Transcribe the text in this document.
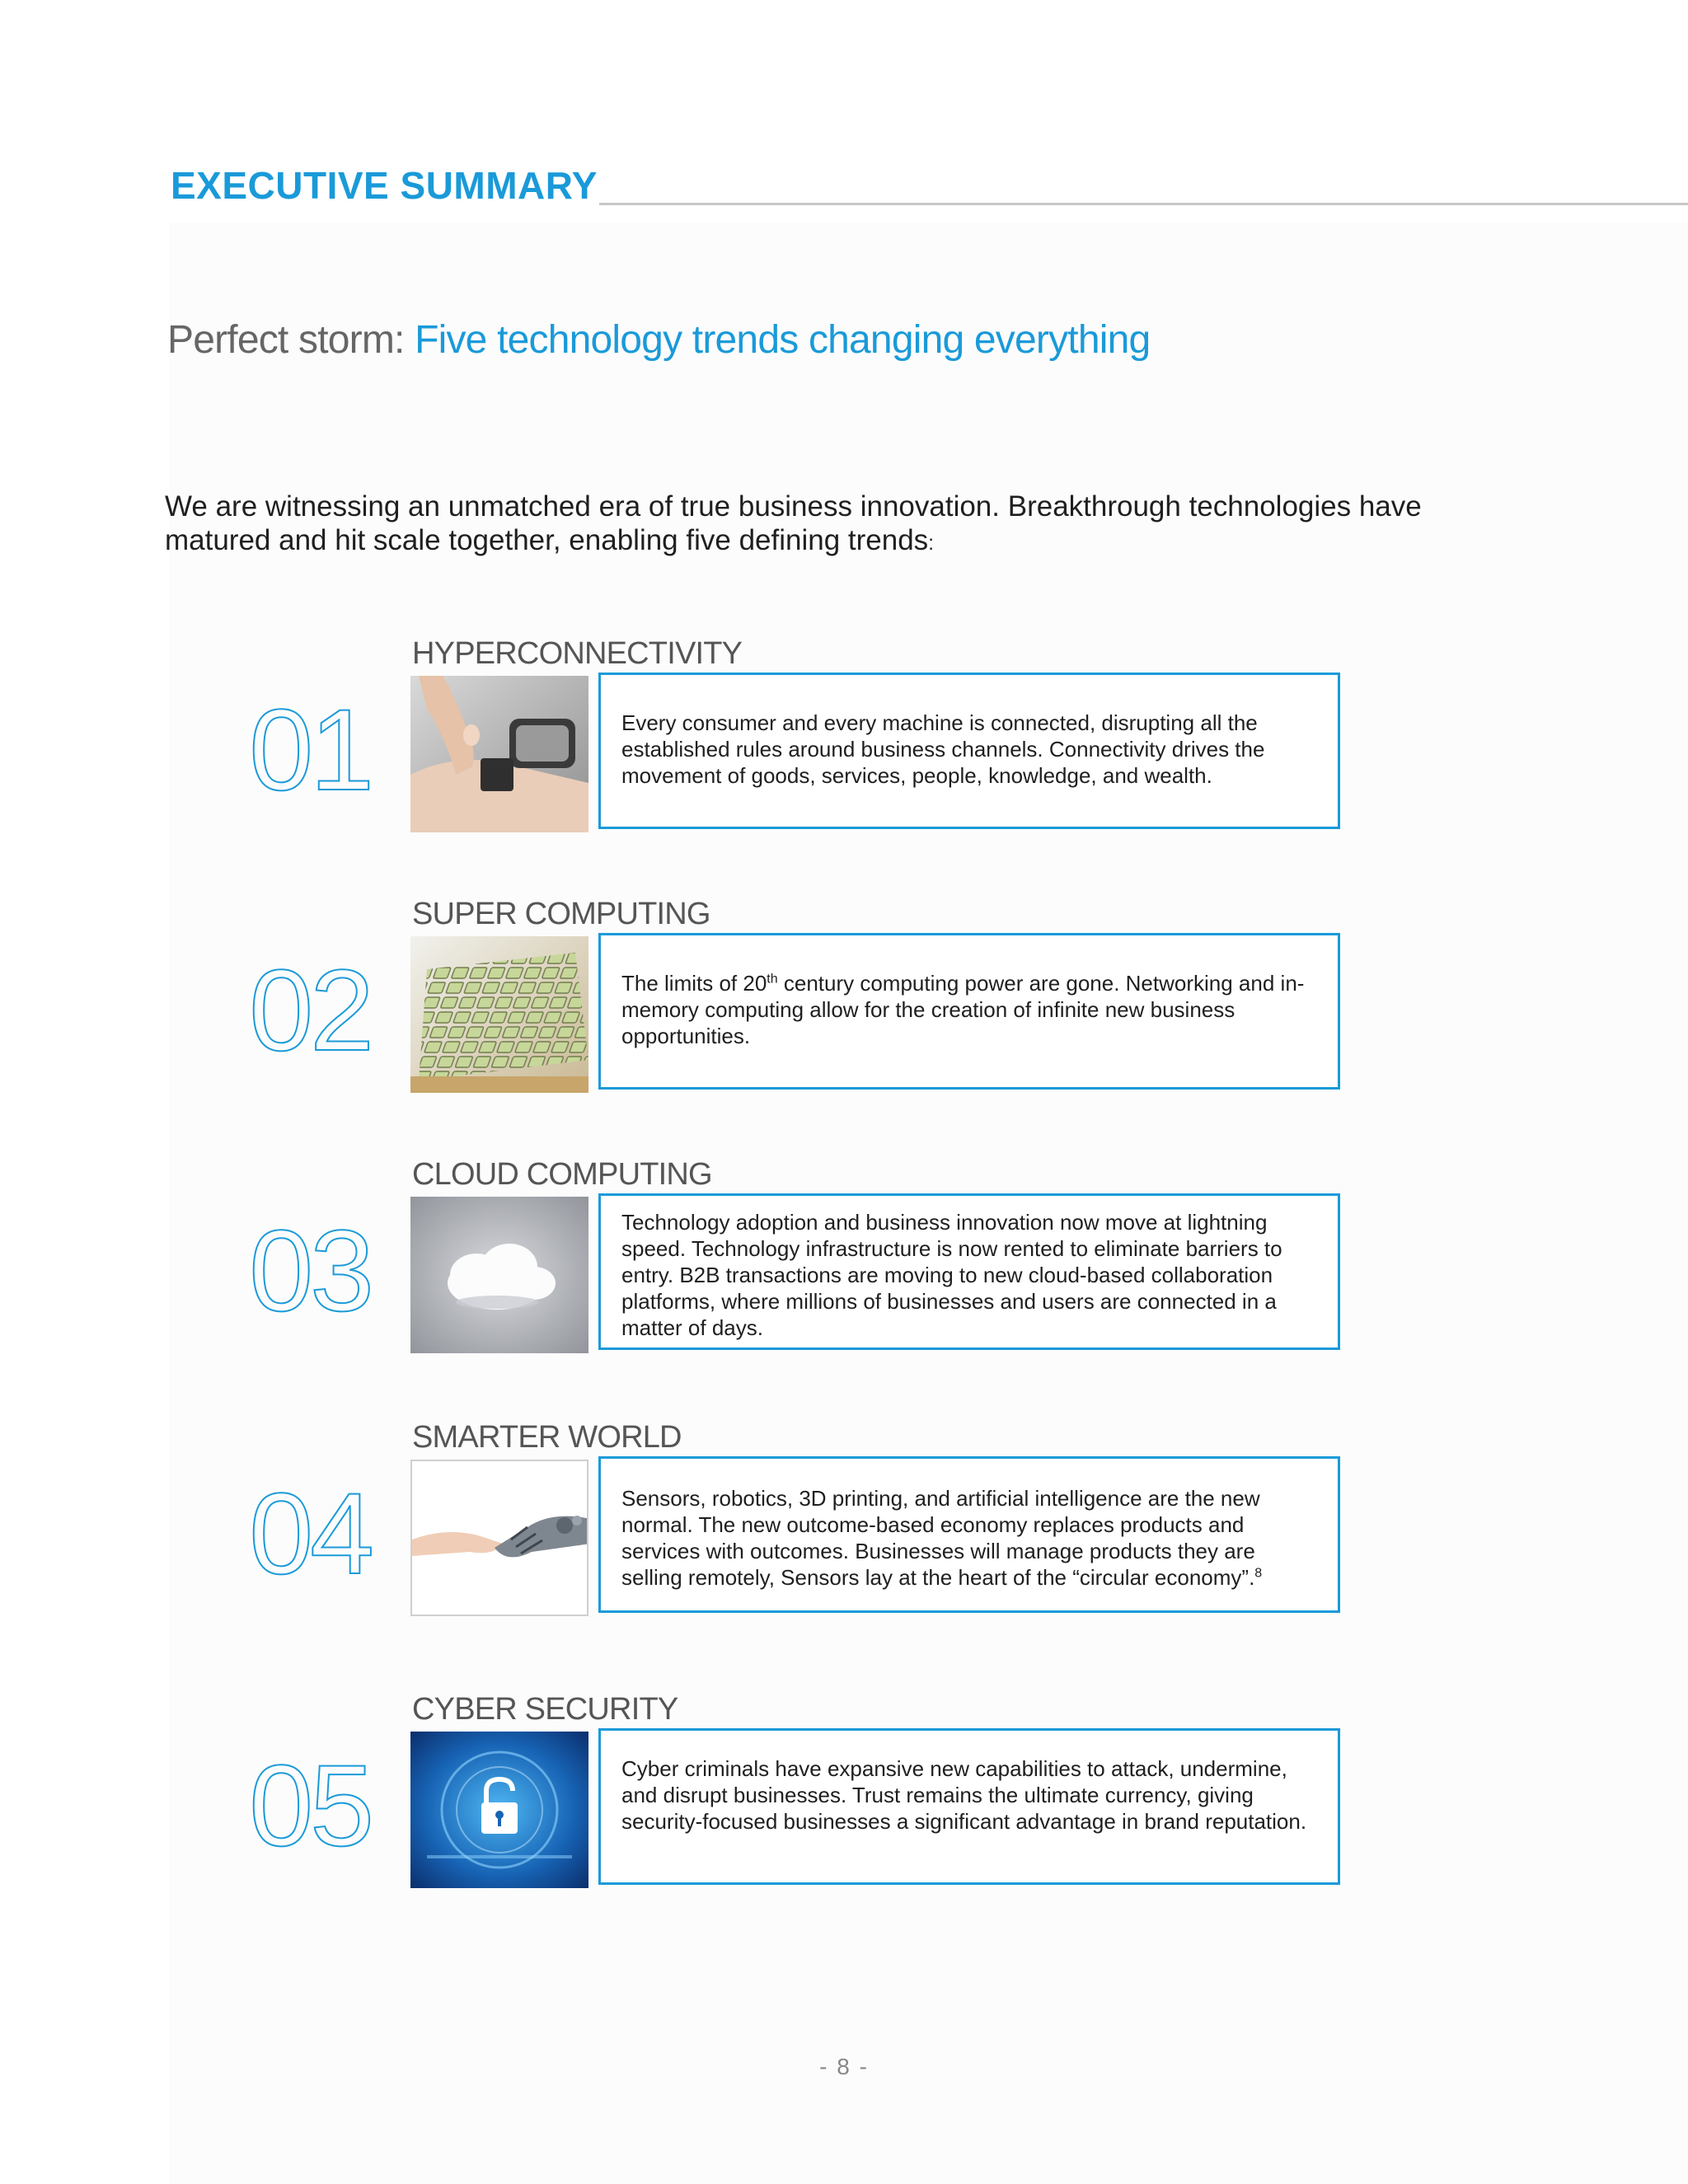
EXECUTIVE SUMMARY
Perfect storm: Five technology trends changing everything
We are witnessing an unmatched era of true business innovation. Breakthrough technologies have matured and hit scale together, enabling five defining trends:
HYPERCONNECTIVITY
01	Every consumer and every machine is connected, disrupting all the established rules around business channels. Connectivity drives the movement of goods, services, people, knowledge, and wealth.
SUPER COMPUTING
02	The limits of 20th century computing power are gone. Networking and in-memory computing allow for the creation of infinite new business opportunities.
CLOUD COMPUTING
03	Technology adoption and business innovation now move at lightning speed. Technology infrastructure is now rented to eliminate barriers to entry. B2B transactions are moving to new cloud-based collaboration platforms, where millions of businesses and users are connected in a matter of days.
SMARTER WORLD
04	Sensors, robotics, 3D printing, and artificial intelligence are the new normal. The new outcome-based economy replaces products and services with outcomes. Businesses will manage products they are selling remotely, Sensors lay at the heart of the “circular economy”.$^8$
CYBER SECURITY
05	Cyber criminals have expansive new capabilities to attack, undermine, and disrupt businesses. Trust remains the ultimate currency, giving security-focused businesses a significant advantage in brand reputation.
- 8 -
